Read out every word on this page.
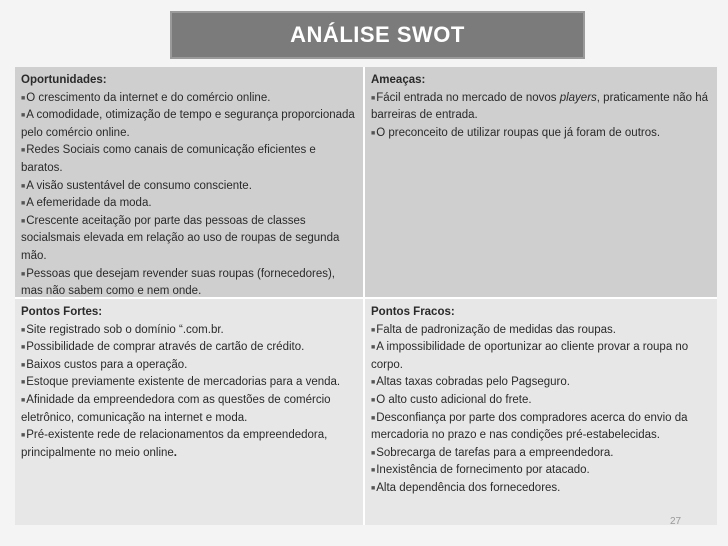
ANÁLISE SWOT
Oportunidades:
■O crescimento da internet e do comércio online.
■A comodidade, otimização de tempo e segurança proporcionada pelo comércio online.
■Redes Sociais como canais de comunicação eficientes e baratos.
■A visão sustentável de consumo consciente.
■A efemeridade da moda.
■Crescente aceitação por parte das pessoas de classes socialsmais elevada em relação ao uso de roupas de segunda mão.
■Pessoas que desejam revender suas roupas (fornecedores), mas não sabem como e nem onde.
Ameaças:
■Fácil entrada no mercado de novos players, praticamente não há barreiras de entrada.
■O preconceito de utilizar roupas que já foram de outros.
Pontos Fortes:
■Site registrado sob o domínio “.com.br.
■Possibilidade de comprar através de cartão de crédito.
■Baixos custos para a operação.
■Estoque previamente existente de mercadorias para a venda.
■Afinidade da empreendedora com as questões de comércio eletrônico, comunicação na internet e moda.
■Pré-existente rede de relacionamentos da empreendedora, principalmente no meio online.
Pontos Fracos:
■Falta de padronização de medidas das roupas.
■A impossibilidade de oportunizar ao cliente provar a roupa no corpo.
■Altas taxas cobradas pelo Pagseguro.
■O alto custo adicional do frete.
■Desconfiança por parte dos compradores acerca do envio da mercadoria no prazo e nas condições pré-estabelecidas.
■Sobrecarga de tarefas para a empreendedora.
■Inexistência de fornecimento por atacado.
■Alta dependência dos fornecedores.
27
